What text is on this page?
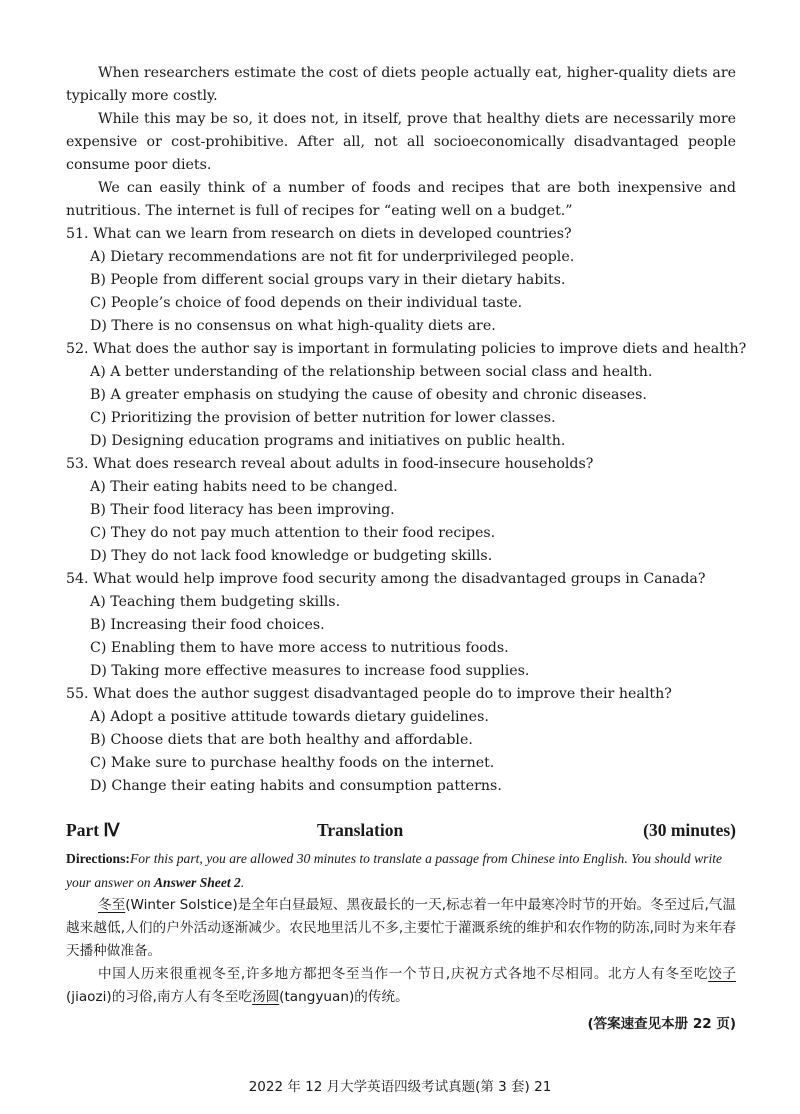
When researchers estimate the cost of diets people actually eat, higher-quality diets are typically more costly.

While this may be so, it does not, in itself, prove that healthy diets are necessarily more expensive or cost-prohibitive. After all, not all socioeconomically disadvantaged people consume poor diets.

We can easily think of a number of foods and recipes that are both inexpensive and nutritious. The internet is full of recipes for “eating well on a budget.”

51. What can we learn from research on diets in developed countries?
A) Dietary recommendations are not fit for underprivileged people.
B) People from different social groups vary in their dietary habits.
C) People’s choice of food depends on their individual taste.
D) There is no consensus on what high-quality diets are.
52. What does the author say is important in formulating policies to improve diets and health?
A) A better understanding of the relationship between social class and health.
B) A greater emphasis on studying the cause of obesity and chronic diseases.
C) Prioritizing the provision of better nutrition for lower classes.
D) Designing education programs and initiatives on public health.
53. What does research reveal about adults in food-insecure households?
A) Their eating habits need to be changed.
B) Their food literacy has been improving.
C) They do not pay much attention to their food recipes.
D) They do not lack food knowledge or budgeting skills.
54. What would help improve food security among the disadvantaged groups in Canada?
A) Teaching them budgeting skills.
B) Increasing their food choices.
C) Enabling them to have more access to nutritious foods.
D) Taking more effective measures to increase food supplies.
55. What does the author suggest disadvantaged people do to improve their health?
A) Adopt a positive attitude towards dietary guidelines.
B) Choose diets that are both healthy and affordable.
C) Make sure to purchase healthy foods on the internet.
D) Change their eating habits and consumption patterns.
Part Ⅳ	Translation	(30 minutes)
Directions:For this part, you are allowed 30 minutes to translate a passage from Chinese into English. You should write your answer on Answer Sheet 2.

冬至(Winter Solstice)是全年白昼最短、黑夜最长的一天,标志着一年中最寒冷时节的开始。冬至过后,气温越来越低,人们的户外活动逐渐减少。农民地里活儿不多,主要忙于灌溉系统的维护和农作物的防冻,同时为来年春天播种做准备。

中国人历来很重视冬至,许多地方都把冬至当作一个节日,庆祝方式各地不尽相同。北方人有冬至吃饺子(jiaozi)的习俗,南方人有冬至吃汤圆(tangyuan)的传统。

(答案速查见本册 22 页)
2022 年 12 月大学英语四级考试真题(第 3 套) 21
